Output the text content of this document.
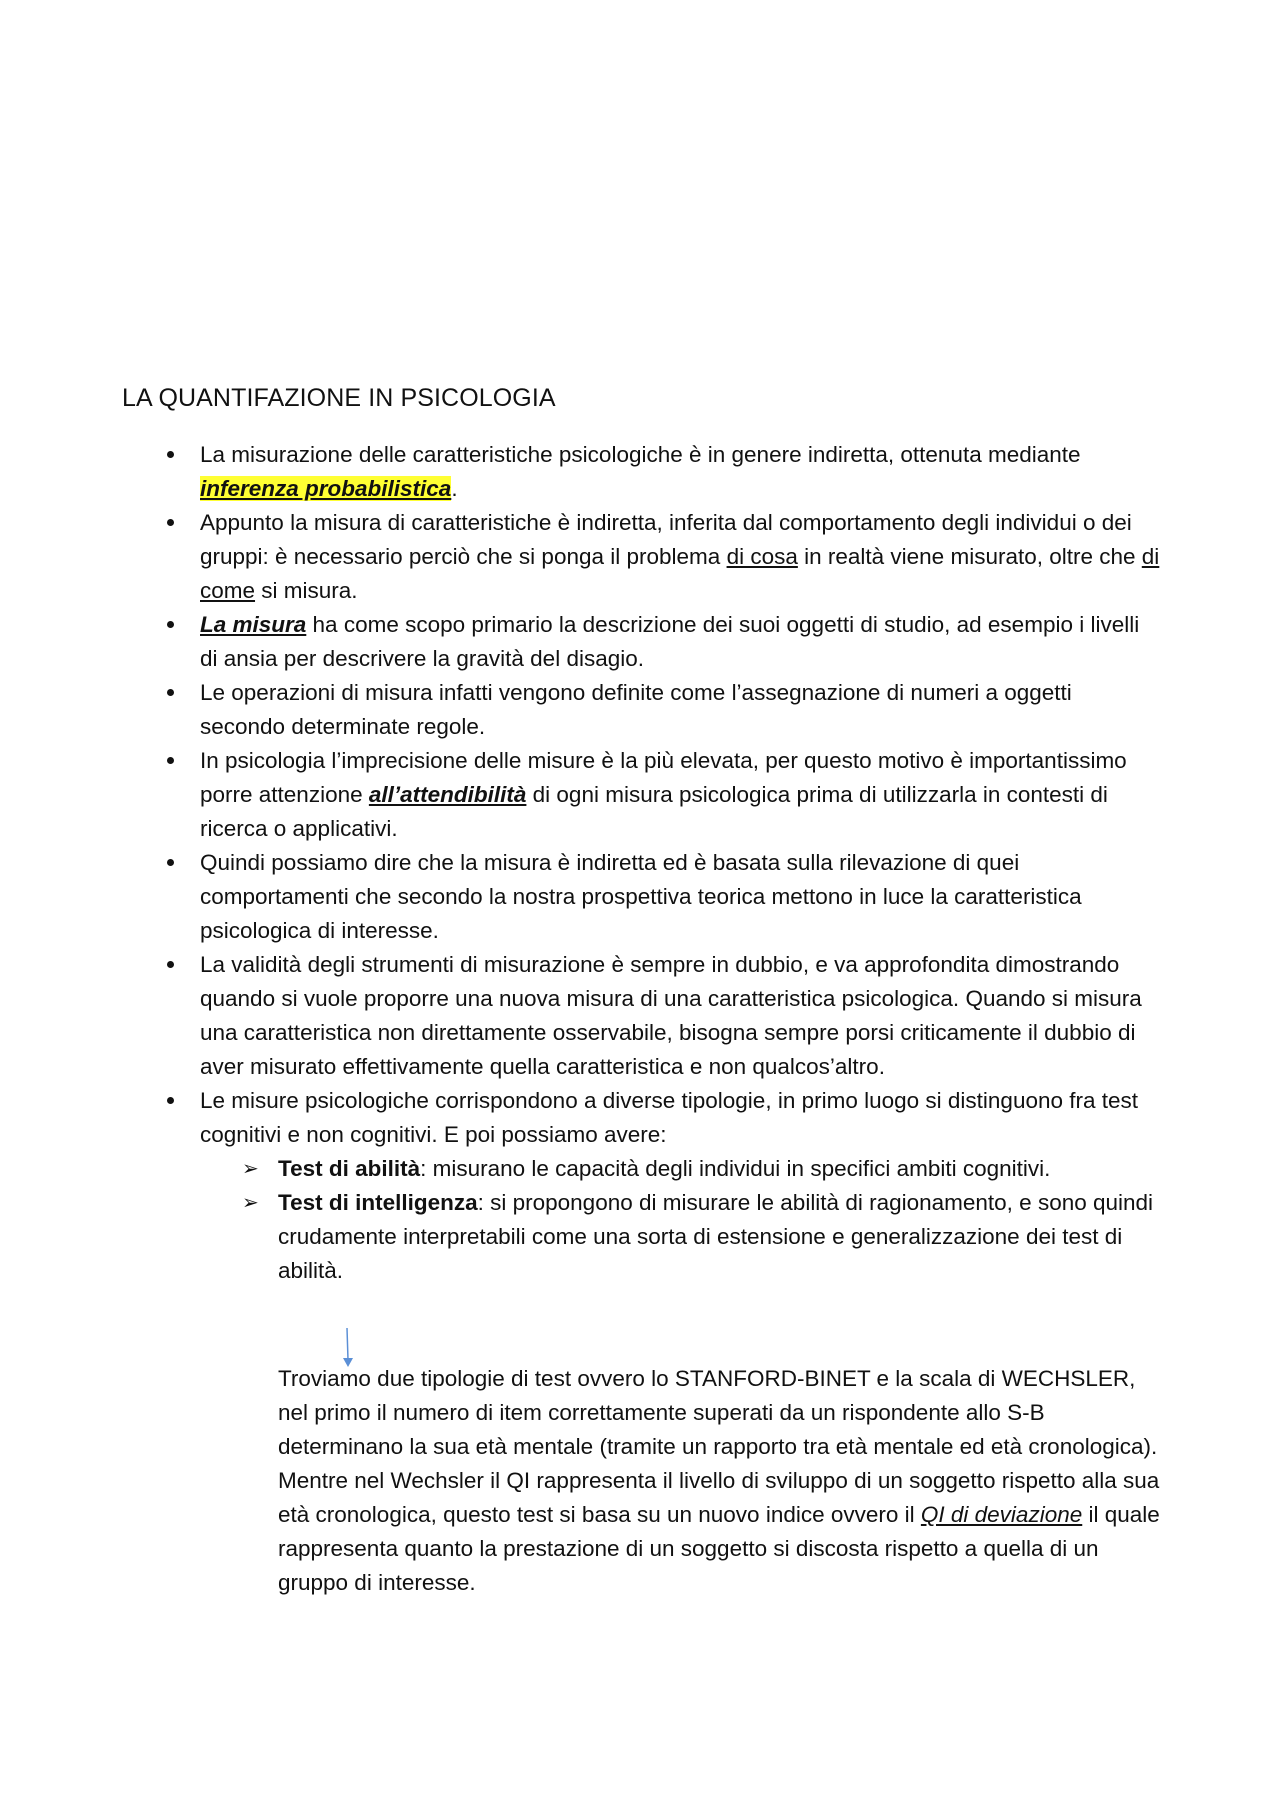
LA QUANTIFAZIONE IN PSICOLOGIA
La misurazione delle caratteristiche psicologiche è in genere indiretta, ottenuta mediante inferenza probabilistica.
Appunto la misura di caratteristiche è indiretta, inferita dal comportamento degli individui o dei gruppi: è necessario perciò che si ponga il problema di cosa in realtà viene misurato, oltre che di come si misura.
La misura ha come scopo primario la descrizione dei suoi oggetti di studio, ad esempio i livelli di ansia per descrivere la gravità del disagio.
Le operazioni di misura infatti vengono definite come l’assegnazione di numeri a oggetti secondo determinate regole.
In psicologia l’imprecisione delle misure è la più elevata, per questo motivo è importantissimo porre attenzione all’attendibilità di ogni misura psicologica prima di utilizzarla in contesti di ricerca o applicativi.
Quindi possiamo dire che la misura è indiretta ed è basata sulla rilevazione di quei comportamenti che secondo la nostra prospettiva teorica mettono in luce la caratteristica psicologica di interesse.
La validità degli strumenti di misurazione è sempre in dubbio, e va approfondita dimostrando quando si vuole proporre una nuova misura di una caratteristica psicologica. Quando si misura una caratteristica non direttamente osservabile, bisogna sempre porsi criticamente il dubbio di aver misurato effettivamente quella caratteristica e non qualcos’altro.
Le misure psicologiche corrispondono a diverse tipologie, in primo luogo si distinguono fra test cognitivi e non cognitivi. E poi possiamo avere:
➢ Test di abilità: misurano le capacità degli individui in specifici ambiti cognitivi.
➢ Test di intelligenza: si propongono di misurare le abilità di ragionamento, e sono quindi crudamente interpretabili come una sorta di estensione e generalizzazione dei test di abilità.

Troviamo due tipologie di test ovvero lo STANFORD-BINET e la scala di WECHSLER, nel primo il numero di item correttamente superati da un rispondente allo S-B determinano la sua età mentale (tramite un rapporto tra età mentale ed età cronologica). Mentre nel Wechsler il QI rappresenta il livello di sviluppo di un soggetto rispetto alla sua età cronologica, questo test si basa su un nuovo indice ovvero il QI di deviazione il quale rappresenta quanto la prestazione di un soggetto si discosta rispetto a quella di un gruppo di interesse.
